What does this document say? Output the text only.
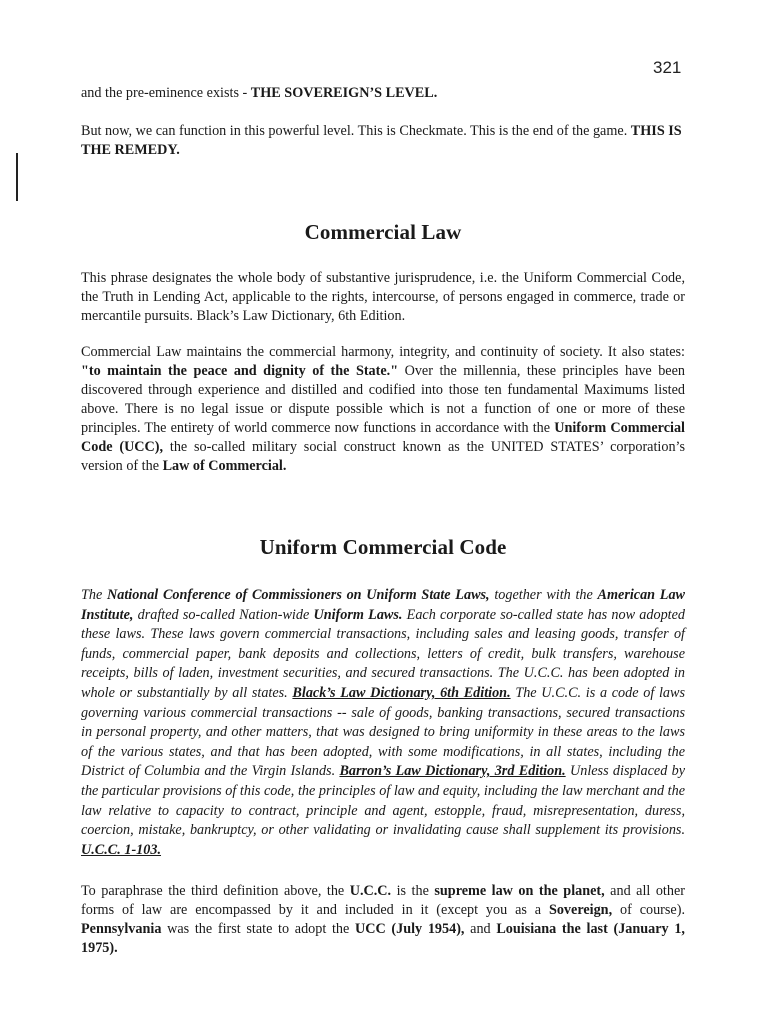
321

and the pre-eminence exists - THE SOVEREIGN’S LEVEL.

But now, we can function in this powerful level. This is Checkmate. This is the end of the game. THIS IS THE REMEDY.

Commercial Law

This phrase designates the whole body of substantive jurisprudence, i.e. the Uniform Commercial Code, the Truth in Lending Act, applicable to the rights, intercourse, of persons engaged in commerce, trade or mercantile pursuits. Black’s Law Dictionary, 6th Edition.

Commercial Law maintains the commercial harmony, integrity, and continuity of society. It also states: "to maintain the peace and dignity of the State." Over the millennia, these principles have been discovered through experience and distilled and codified into those ten fundamental Maximums listed above. There is no legal issue or dispute possible which is not a function of one or more of these principles. The entirety of world commerce now functions in accordance with the Uniform Commercial Code (UCC), the so-called military social construct known as the UNITED STATES’ corporation’s version of the Law of Commercial.

Uniform Commercial Code

The National Conference of Commissioners on Uniform State Laws, together with the American Law Institute, drafted so-called Nation-wide Uniform Laws. Each corporate so-called state has now adopted these laws. These laws govern commercial transactions, including sales and leasing goods, transfer of funds, commercial paper, bank deposits and collections, letters of credit, bulk transfers, warehouse receipts, bills of laden, investment securities, and secured transactions. The U.C.C. has been adopted in whole or substantially by all states. Black’s Law Dictionary, 6th Edition. The U.C.C. is a code of laws governing various commercial transactions -- sale of goods, banking transactions, secured transactions in personal property, and other matters, that was designed to bring uniformity in these areas to the laws of the various states, and that has been adopted, with some modifications, in all states, including the District of Columbia and the Virgin Islands. Barron’s Law Dictionary, 3rd Edition. Unless displaced by the particular provisions of this code, the principles of law and equity, including the law merchant and the law relative to capacity to contract, principle and agent, estopple, fraud, misrepresentation, duress, coercion, mistake, bankruptcy, or other validating or invalidating cause shall supplement its provisions. U.C.C. 1-103.

To paraphrase the third definition above, the U.C.C. is the supreme law on the planet, and all other forms of law are encompassed by it and included in it (except you as a Sovereign, of course). Pennsylvania was the first state to adopt the UCC (July 1954), and Louisiana the last (January 1, 1975).
